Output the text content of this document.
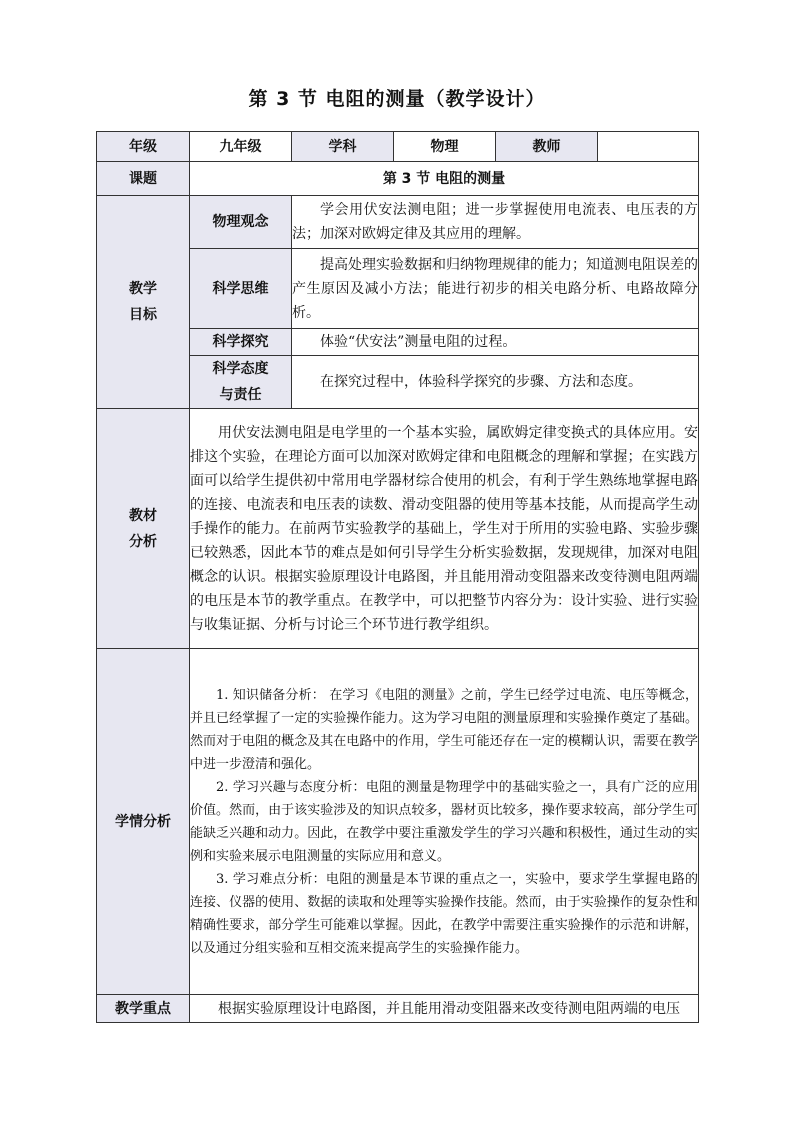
第 3 节 电阻的测量（教学设计）
年级	九年级	学科	物理	教师	
课题	第 3 节 电阻的测量				

教学
目标	物理观念	学会用伏安法测电阻；进一步掌握使用电流表、电压表的方法；加深对欧姆定律及其应用的理解。			
	科学思维	提高处理实验数据和归纳物理规律的能力；知道测电阻误差的产生原因及减小方法；能进行初步的相关电路分析、电路故障分析。			
	科学探究	体验“伏安法”测量电阻的过程。			

	科学态度
与责任	在探究过程中，体验科学探究的步骤、方法和态度。			

教材
分析	用伏安法测电阻是电学里的一个基本实验，属欧姆定律变换式的具体应用。安排这个实验，在理论方面可以加深对欧姆定律和电阻概念的理解和掌握；在实践方面可以给学生提供初中常用电学器材综合使用的机会，有利于学生熟练地掌握电路的连接、电流表和电压表的读数、滑动变阻器的使用等基本技能，从而提高学生动手操作的能力。在前两节实验教学的基础上，学生对于所用的实验电路、实验步骤已较熟悉，因此本节的难点是如何引导学生分析实验数据，发现规律，加深对电阻概念的认识。根据实验原理设计电路图，并且能用滑动变阻器来改变待测电阻两端的电压是本节的教学重点。在教学中，可以把整节内容分为：设计实验、进行实验与收集证据、分析与讨论三个环节进行教学组织。				
学情分析	1. 知识储备分析： 在学习《电阻的测量》之前，学生已经学过电流、电压等概念，并且已经掌握了一定的实验操作能力。这为学习电阻的测量原理和实验操作奠定了基础。然而对于电阻的概念及其在电路中的作用，学生可能还存在一定的模糊认识，需要在教学中进一步澄清和强化。

2. 学习兴趣与态度分析：电阻的测量是物理学中的基础实验之一，具有广泛的应用价值。然而，由于该实验涉及的知识点较多，器材页比较多，操作要求较高，部分学生可能缺乏兴趣和动力。因此，在教学中要注重激发学生的学习兴趣和积极性，通过生动的实例和实验来展示电阻测量的实际应用和意义。

3. 学习难点分析：电阻的测量是本节课的重点之一，实验中，要求学生掌握电路的连接、仪器的使用、数据的读取和处理等实验操作技能。然而，由于实验操作的复杂性和精确性要求，部分学生可能难以掌握。因此，在教学中需要注重实验操作的示范和讲解，以及通过分组实验和互相交流来提高学生的实验操作能力。				

教学重点	根据实验原理设计电路图，并且能用滑动变阻器来改变待测电阻两端的电压				
